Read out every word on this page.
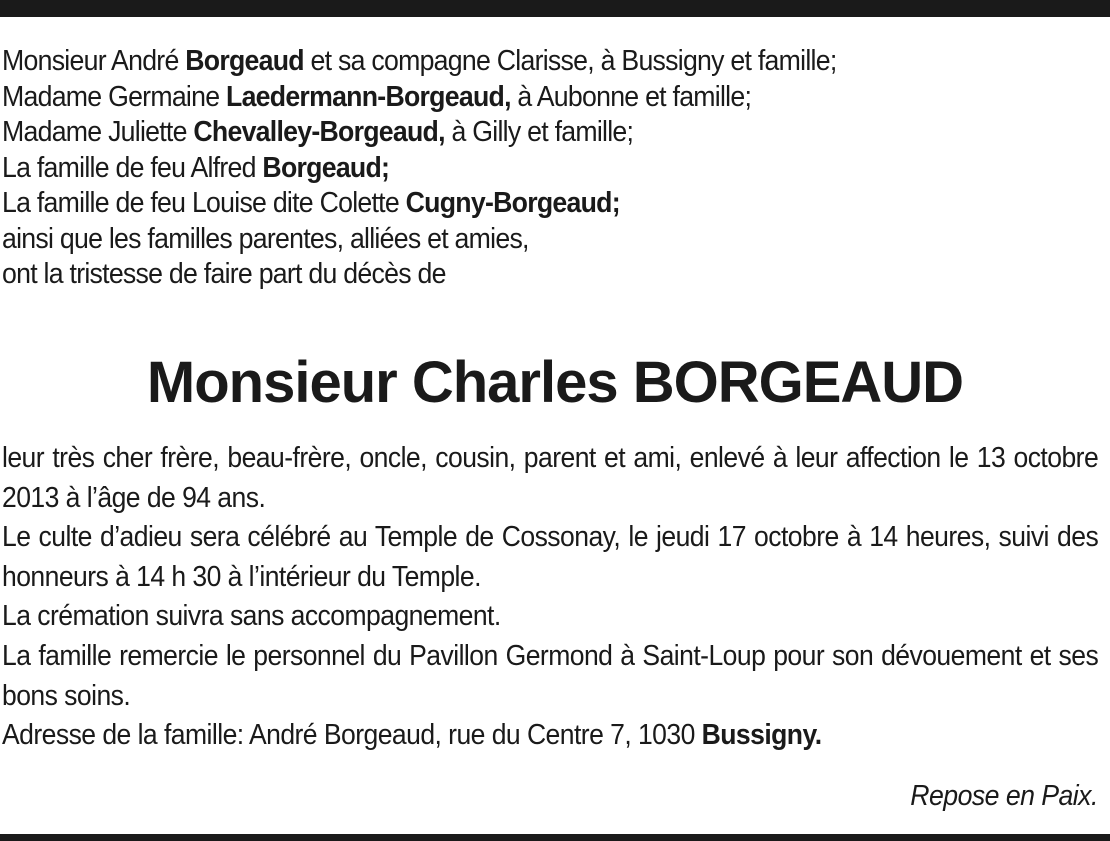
Monsieur André Borgeaud et sa compagne Clarisse, à Bussigny et famille;
Madame Germaine Laedermann-Borgeaud, à Aubonne et famille;
Madame Juliette Chevalley-Borgeaud, à Gilly et famille;
La famille de feu Alfred Borgeaud;
La famille de feu Louise dite Colette Cugny-Borgeaud;
ainsi que les familles parentes, alliées et amies,
ont la tristesse de faire part du décès de
Monsieur Charles BORGEAUD

leur très cher frère, beau-frère, oncle, cousin, parent et ami, enlevé à leur affection le 13 octobre 2013 à l’âge de 94 ans.

Le culte d’adieu sera célébré au Temple de Cossonay, le jeudi 17 octobre à 14 heures, suivi des honneurs à 14 h 30 à l’intérieur du Temple.

La crémation suivra sans accompagnement.

La famille remercie le personnel du Pavillon Germond à Saint-Loup pour son dévouement et ses bons soins.

Adresse de la famille: André Borgeaud, rue du Centre 7, 1030 Bussigny.

Repose en Paix.
